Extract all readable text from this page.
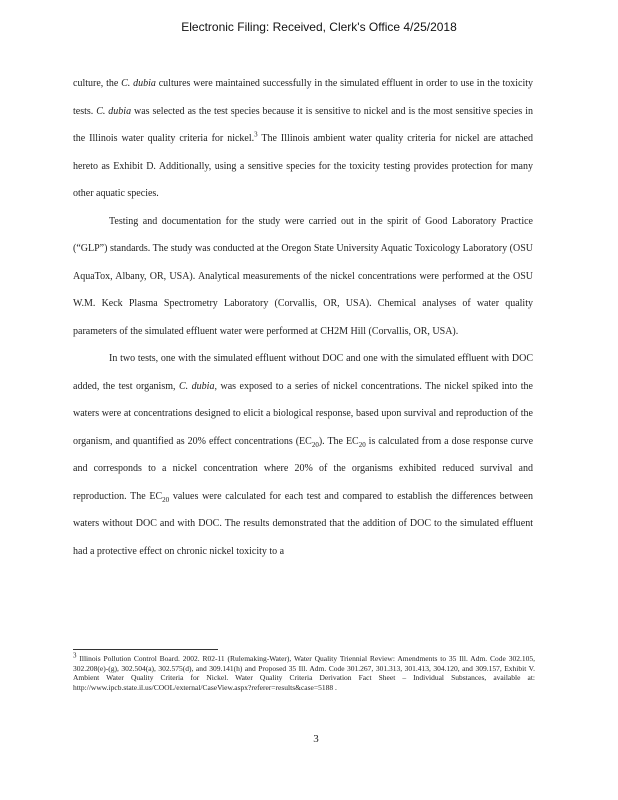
Electronic Filing: Received, Clerk's Office 4/25/2018

culture, the C. dubia cultures were maintained successfully in the simulated effluent in order to use in the toxicity tests. C. dubia was selected as the test species because it is sensitive to nickel and is the most sensitive species in the Illinois water quality criteria for nickel.$^3$ The Illinois ambient water quality criteria for nickel are attached hereto as Exhibit D. Additionally, using a sensitive species for the toxicity testing provides protection for many other aquatic species.

Testing and documentation for the study were carried out in the spirit of Good Laboratory Practice (“GLP”) standards. The study was conducted at the Oregon State University Aquatic Toxicology Laboratory (OSU AquaTox, Albany, OR, USA). Analytical measurements of the nickel concentrations were performed at the OSU W.M. Keck Plasma Spectrometry Laboratory (Corvallis, OR, USA). Chemical analyses of water quality parameters of the simulated effluent water were performed at CH2M Hill (Corvallis, OR, USA).

In two tests, one with the simulated effluent without DOC and one with the simulated effluent with DOC added, the test organism, C. dubia, was exposed to a series of nickel concentrations. The nickel spiked into the waters were at concentrations designed to elicit a biological response, based upon survival and reproduction of the organism, and quantified as 20% effect concentrations $(EC_{20})$. The $EC_{20}$ is calculated from a dose response curve and corresponds to a nickel concentration where 20% of the organisms exhibited reduced survival and reproduction. The $EC_{20}$ values were calculated for each test and compared to establish the differences between waters without DOC and with DOC. The results demonstrated that the addition of DOC to the simulated effluent had a protective effect on chronic nickel toxicity to a

3 Illinois Pollution Control Board. 2002. R02-11 (Rulemaking-Water), Water Quality Triennial Review: Amendments to 35 Ill. Adm. Code 302.105, 302.208(e)-(g), 302.504(a), 302.575(d), and 309.141(h) and Proposed 35 Ill. Adm. Code 301.267, 301.313, 301.413, 304.120, and 309.157, Exhibit V. Ambient Water Quality Criteria for Nickel. Water Quality Criteria Derivation Fact Sheet – Individual Substances, available at: http://www.ipcb.state.il.us/COOL/external/CaseView.aspx?referer=results&case=5188 .
3
